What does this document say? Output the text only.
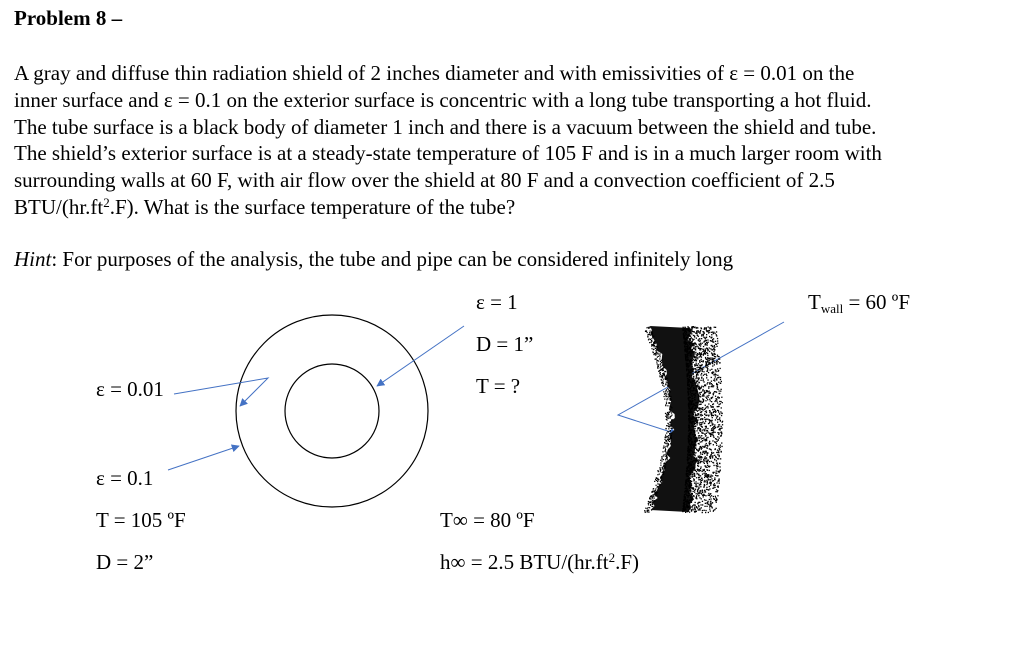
Problem 8 –
A gray and diffuse thin radiation shield of 2 inches diameter and with emissivities of ε = 0.01 on the
inner surface and ε = 0.1 on the exterior surface is concentric with a long tube transporting a hot fluid.
The tube surface is a black body of diameter 1 inch and there is a vacuum between the shield and tube.
The shield’s exterior surface is at a steady-state temperature of 105 F and is in a much larger room with
surrounding walls at 60 F, with air flow over the shield at 80 F and a convection coefficient of 2.5
BTU/$(hr.ft^2.F)$. What is the surface temperature of the tube?
Hint: For purposes of the analysis, the tube and pipe can be considered infinitely long
ε = 1
D = 1”
T = ?
ε = 0.01
ε = 0.1
T = 105 ºF
D = 2”
$T_{wall} = 60$ ºF
T∞ = 80 ºF
h∞ = 2.5 BTU/$(hr.ft^2.F)$
